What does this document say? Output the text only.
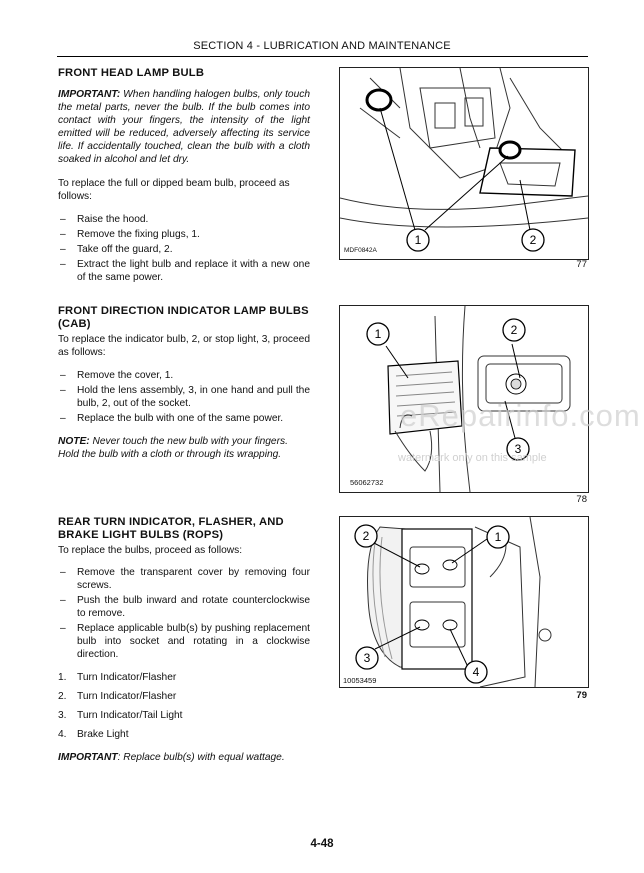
SECTION 4 - LUBRICATION AND MAINTENANCE
FRONT HEAD LAMP BULB

IMPORTANT: When handling halogen bulbs, only touch the metal parts, never the bulb. If the bulb comes into contact with your fingers, the intensity of the light emitted will be reduced, adversely affecting its service life. If accidentally touched, clean the bulb with a cloth soaked in alcohol and let dry.

To replace the full or dipped beam bulb, proceed as follows:

– Raise the hood.
– Remove the fixing plugs, 1.
– Take off the guard, 2.
– Extract the light bulb and replace it with a new one of the same power.
1	2
MDF0842A
77
FRONT DIRECTION INDICATOR LAMP BULBS (CAB)

To replace the indicator bulb, 2, or stop light, 3, proceed as follows:

– Remove the cover, 1.
– Hold the lens assembly, 3, in one hand and pull the bulb, 2, out of the socket.
– Replace the bulb with one of the same power.

NOTE: Never touch the new bulb with your fingers. Hold the bulb with a cloth or through its wrapping.

1	2
3
56062732
78
REAR TURN INDICATOR, FLASHER, AND BRAKE LIGHT BULBS (ROPS)

To replace the bulbs, proceed as follows:

– Remove the transparent cover by removing four screws.
– Push the bulb inward and rotate counterclockwise to remove.
– Replace applicable bulb(s) by pushing replacement bulb into socket and rotating in a clockwise direction.
1. Turn Indicator/Flasher
2. Turn Indicator/Flasher
3. Turn Indicator/Tail Light
4. Brake Light

IMPORTANT: Replace bulb(s) with equal wattage.

1
2
3
4
10053459
79
eRepairinfo.com
watermark only on this sample
4-48
